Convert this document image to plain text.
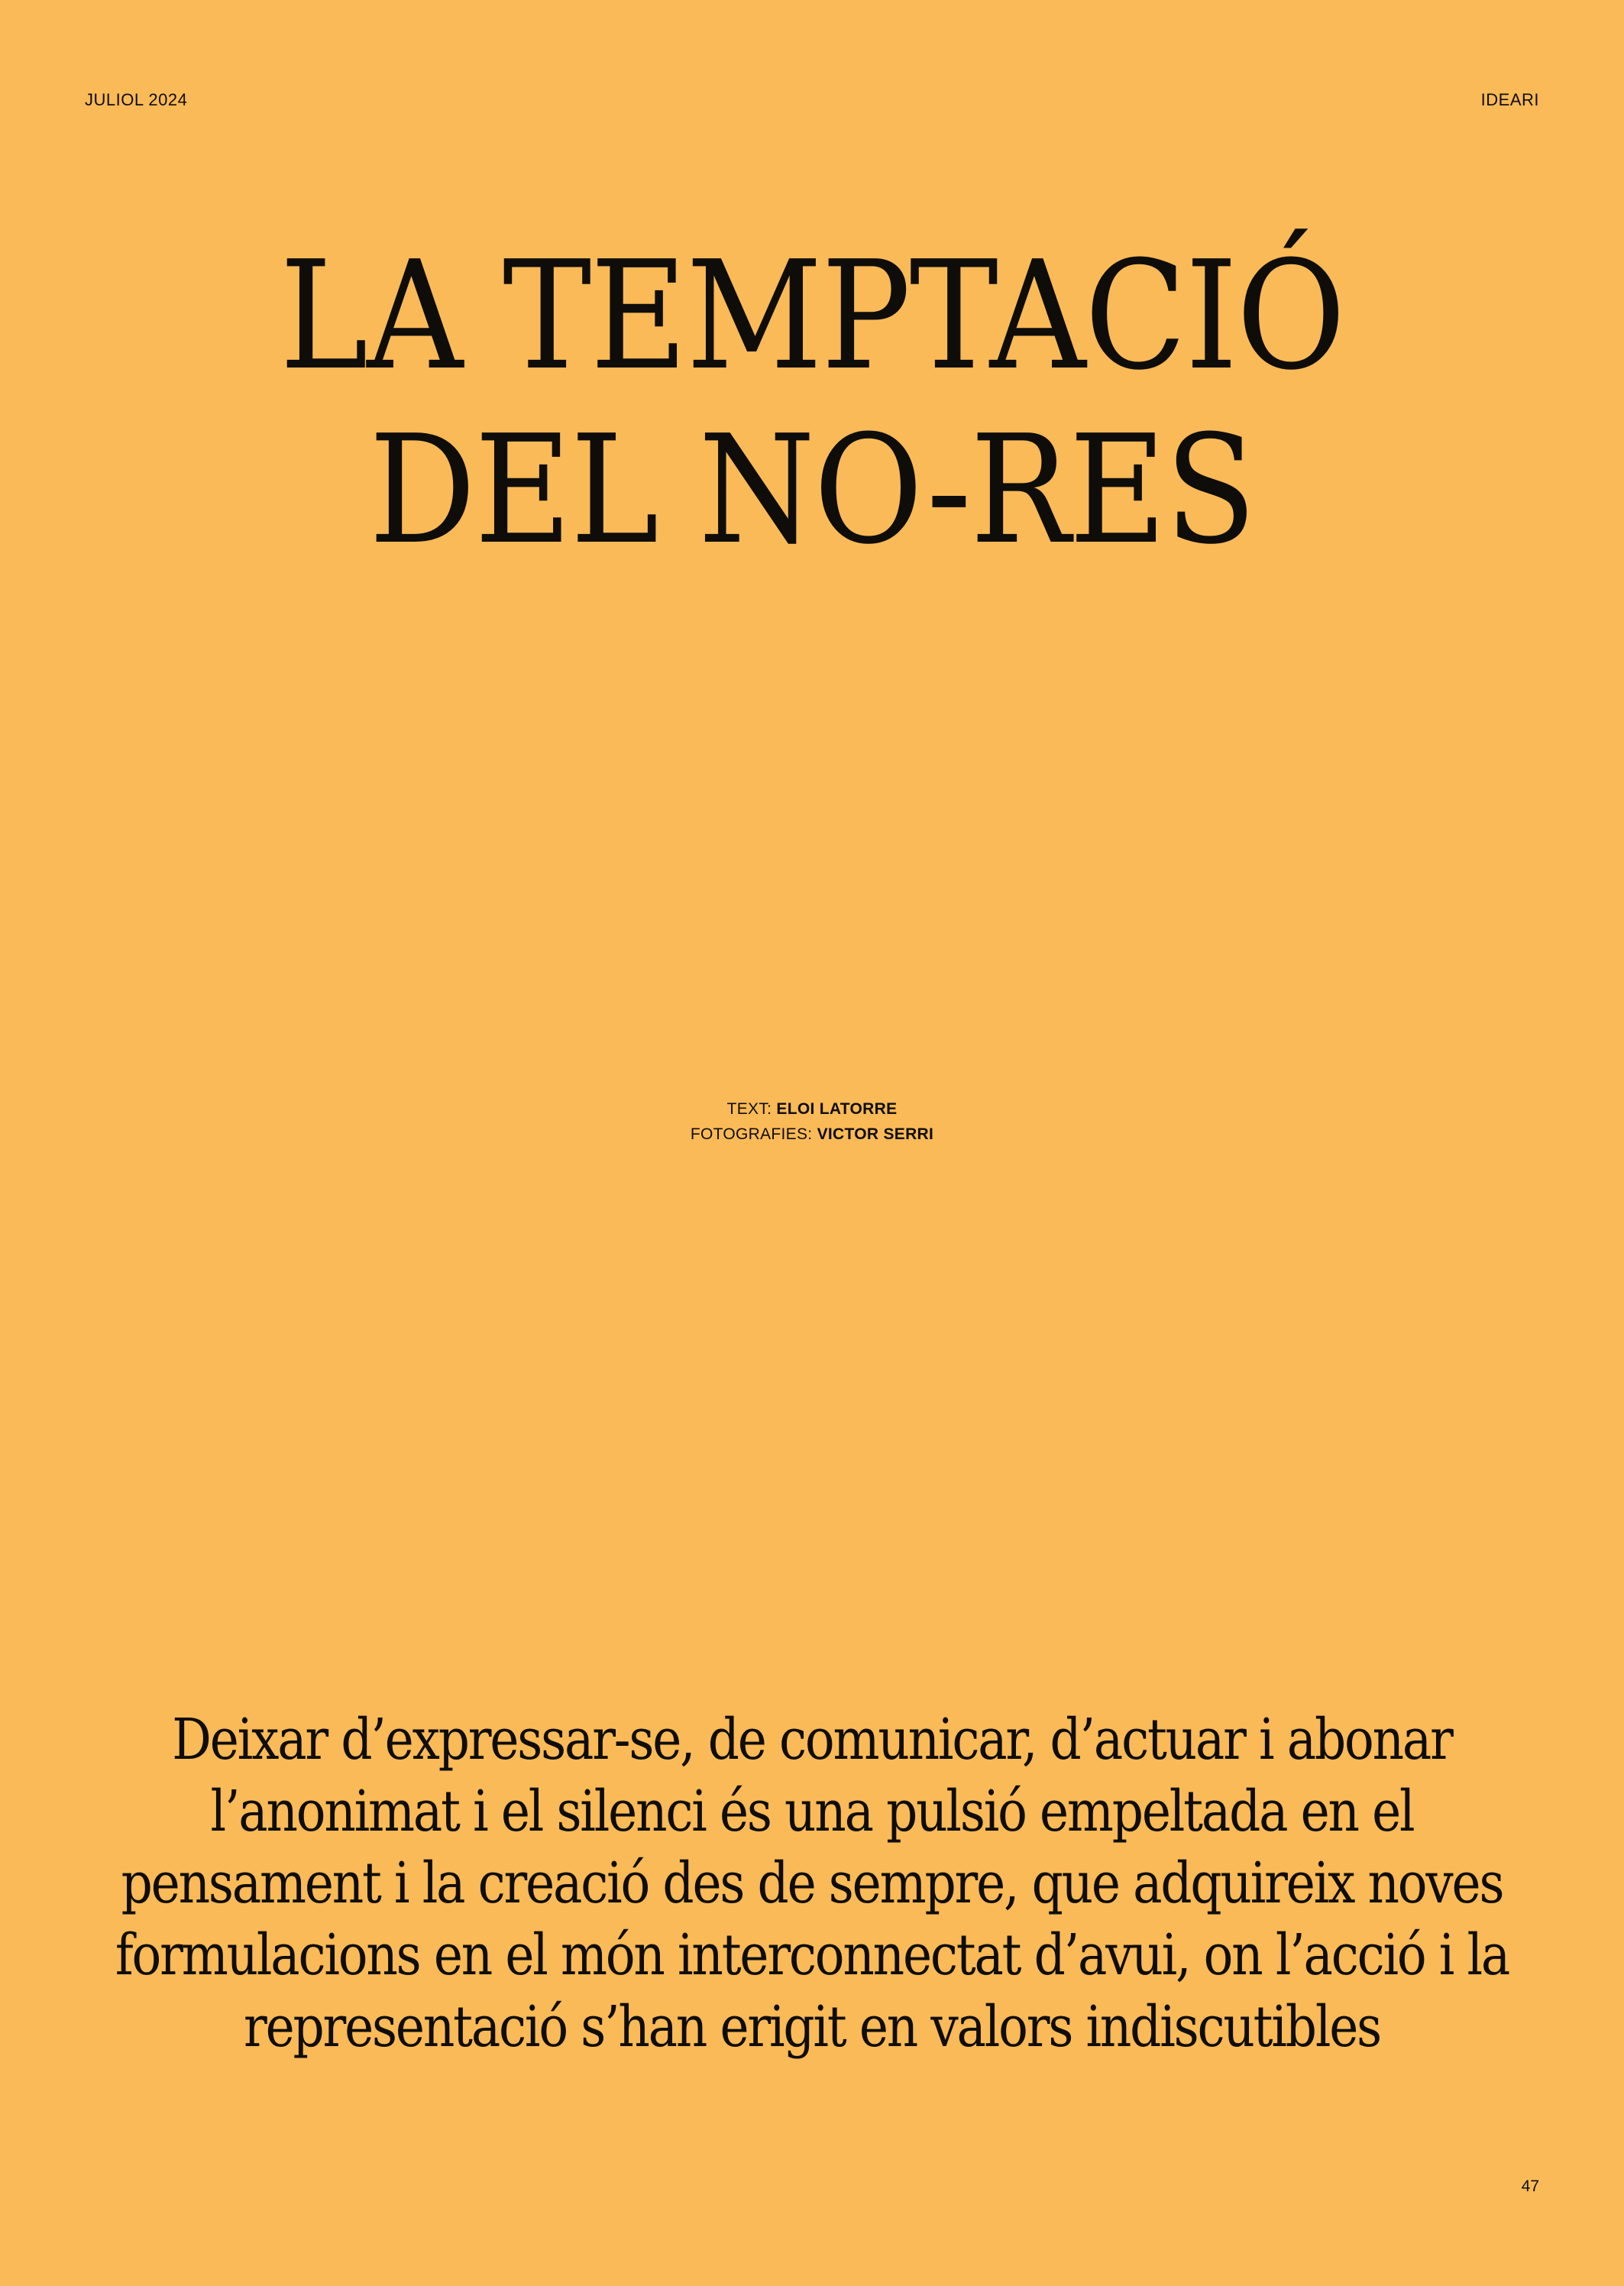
JULIOL 2024	IDEARI
LA TEMPTACIÓ
DEL NO-RES
TEXT: ELOI LATORRE
FOTOGRAFIES: VICTOR SERRI

Deixar d’expressar-se, de comunicar, d’actuar i abonar
l’anonimat i el silenci és una pulsió empeltada en el
pensament i la creació des de sempre, que adquireix noves
formulacions en el món interconnectat d’avui, on l’acció i la
representació s’han erigit en valors indiscutibles

47
